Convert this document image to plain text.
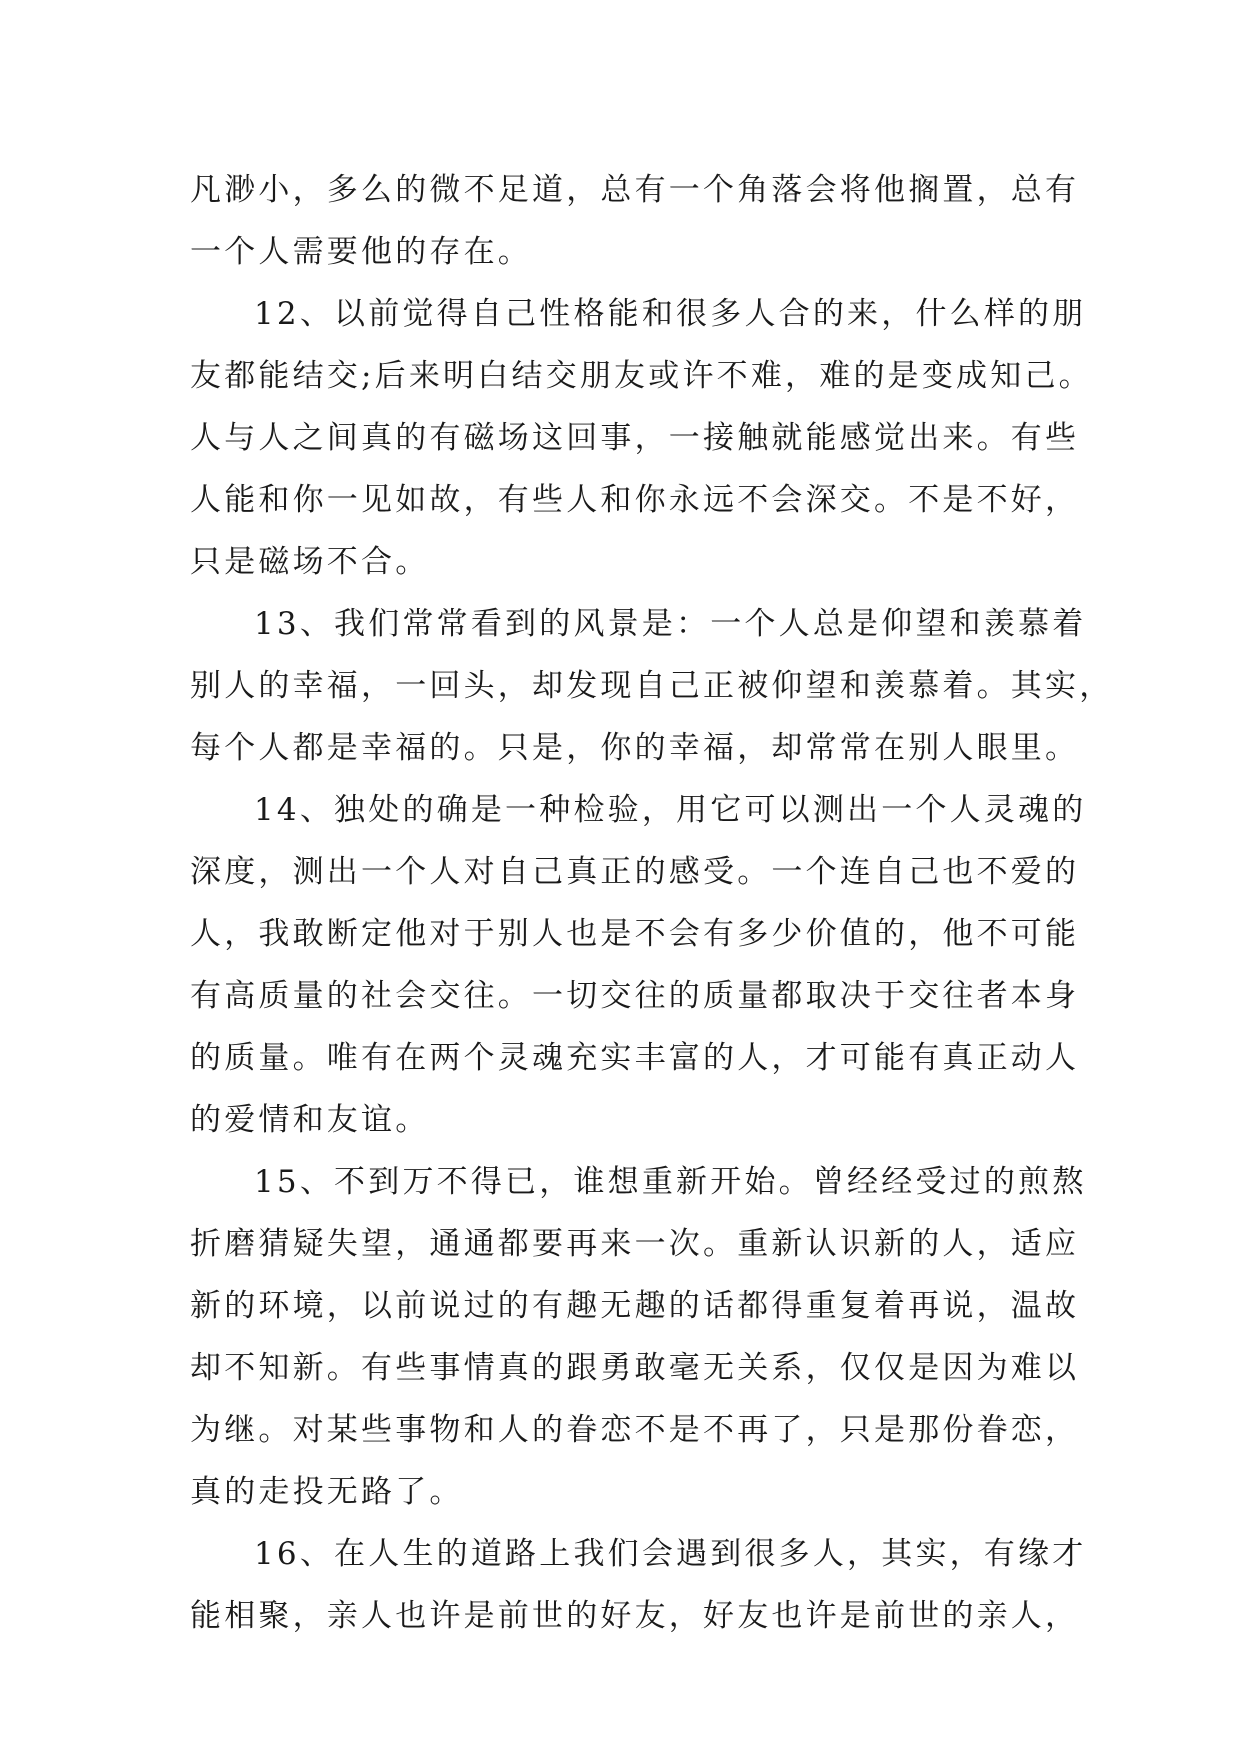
凡渺小，多么的微不足道，总有一个角落会将他搁置，总有
一个人需要他的存在。
12、以前觉得自己性格能和很多人合的来，什么样的朋
友都能结交;后来明白结交朋友或许不难，难的是变成知己。
人与人之间真的有磁场这回事，一接触就能感觉出来。有些
人能和你一见如故，有些人和你永远不会深交。不是不好，
只是磁场不合。
13、我们常常看到的风景是：一个人总是仰望和羡慕着
别人的幸福，一回头，却发现自己正被仰望和羡慕着。其实，
每个人都是幸福的。只是，你的幸福，却常常在别人眼里。
14、独处的确是一种检验，用它可以测出一个人灵魂的
深度，测出一个人对自己真正的感受。一个连自己也不爱的
人，我敢断定他对于别人也是不会有多少价值的，他不可能
有高质量的社会交往。一切交往的质量都取决于交往者本身
的质量。唯有在两个灵魂充实丰富的人，才可能有真正动人
的爱情和友谊。
15、不到万不得已，谁想重新开始。曾经经受过的煎熬
折磨猜疑失望，通通都要再来一次。重新认识新的人，适应
新的环境，以前说过的有趣无趣的话都得重复着再说，温故
却不知新。有些事情真的跟勇敢毫无关系，仅仅是因为难以
为继。对某些事物和人的眷恋不是不再了，只是那份眷恋，
真的走投无路了。
16、在人生的道路上我们会遇到很多人，其实，有缘才
能相聚，亲人也许是前世的好友，好友也许是前世的亲人，
